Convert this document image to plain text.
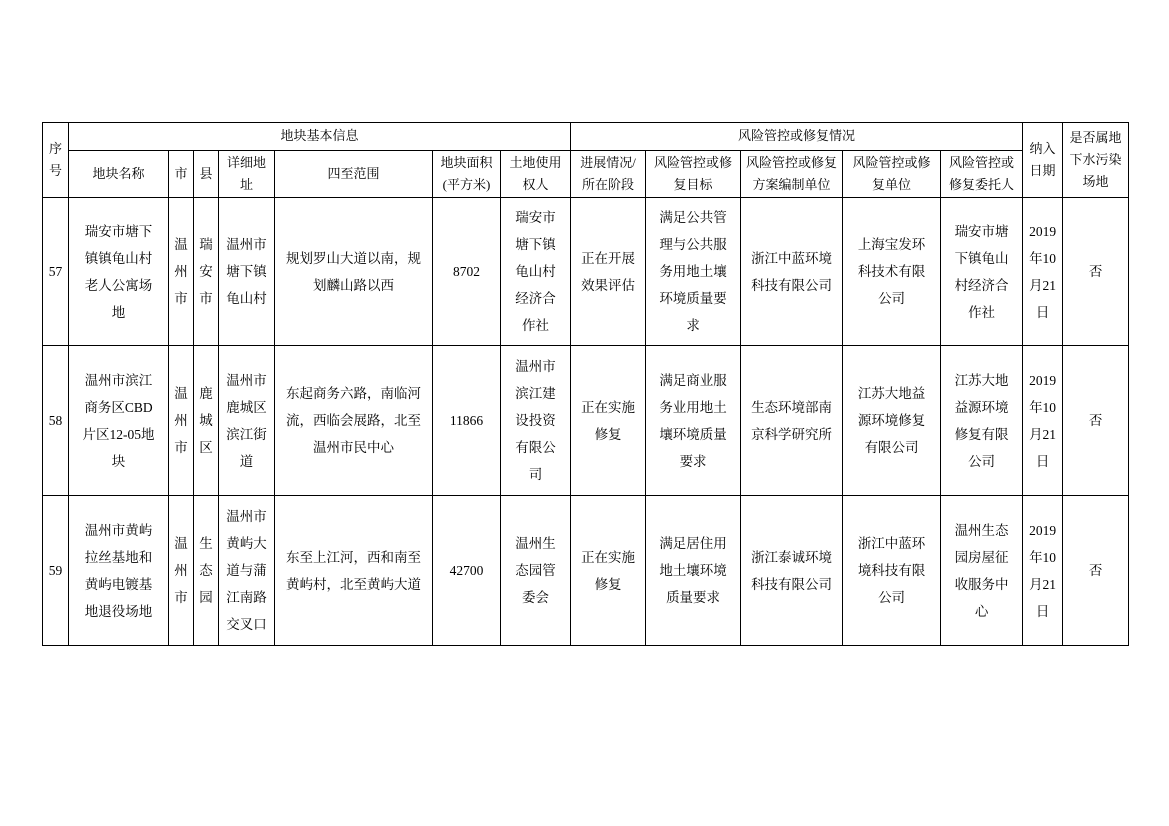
序号	地块基本信息							风险管控或修复情况					纳入日期	是否属地下水污染场地
	地块名称	市	县	详细地址	四至范围	地块面积(平方米)	土地使用权人	进展情况/所在阶段	风险管控或修复目标	风险管控或修复方案编制单位	风险管控或修复单位	风险管控或修复委托人		
57	瑞安市塘下镇镇龟山村老人公寓场地	温州市	瑞安市	温州市塘下镇龟山村	规划罗山大道以南，规划麟山路以西	8702	瑞安市塘下镇龟山村经济合作社	正在开展效果评估	满足公共管理与公共服务用地土壤环境质量要求	浙江中蓝环境科技有限公司	上海宝发环科技术有限公司	瑞安市塘下镇龟山村经济合作社	2019年10月21日	否
58	温州市滨江商务区CBD片区12-05地块	温州市	鹿城区	温州市鹿城区滨江街道	东起商务六路，南临河流，西临会展路，北至温州市民中心	11866	温州市滨江建设投资有限公司	正在实施修复	满足商业服务业用地土壤环境质量要求	生态环境部南京科学研究所	江苏大地益源环境修复有限公司	江苏大地益源环境修复有限公司	2019年10月21日	否
59	温州市黄屿拉丝基地和黄屿电镀基地退役场地	温州市	生态园	温州市黄屿大道与蒲江南路交叉口	东至上江河，西和南至黄屿村，北至黄屿大道	42700	温州生态园管委会	正在实施修复	满足居住用地土壤环境质量要求	浙江泰诚环境科技有限公司	浙江中蓝环境科技有限公司	温州生态园房屋征收服务中心	2019年10月21日	否
